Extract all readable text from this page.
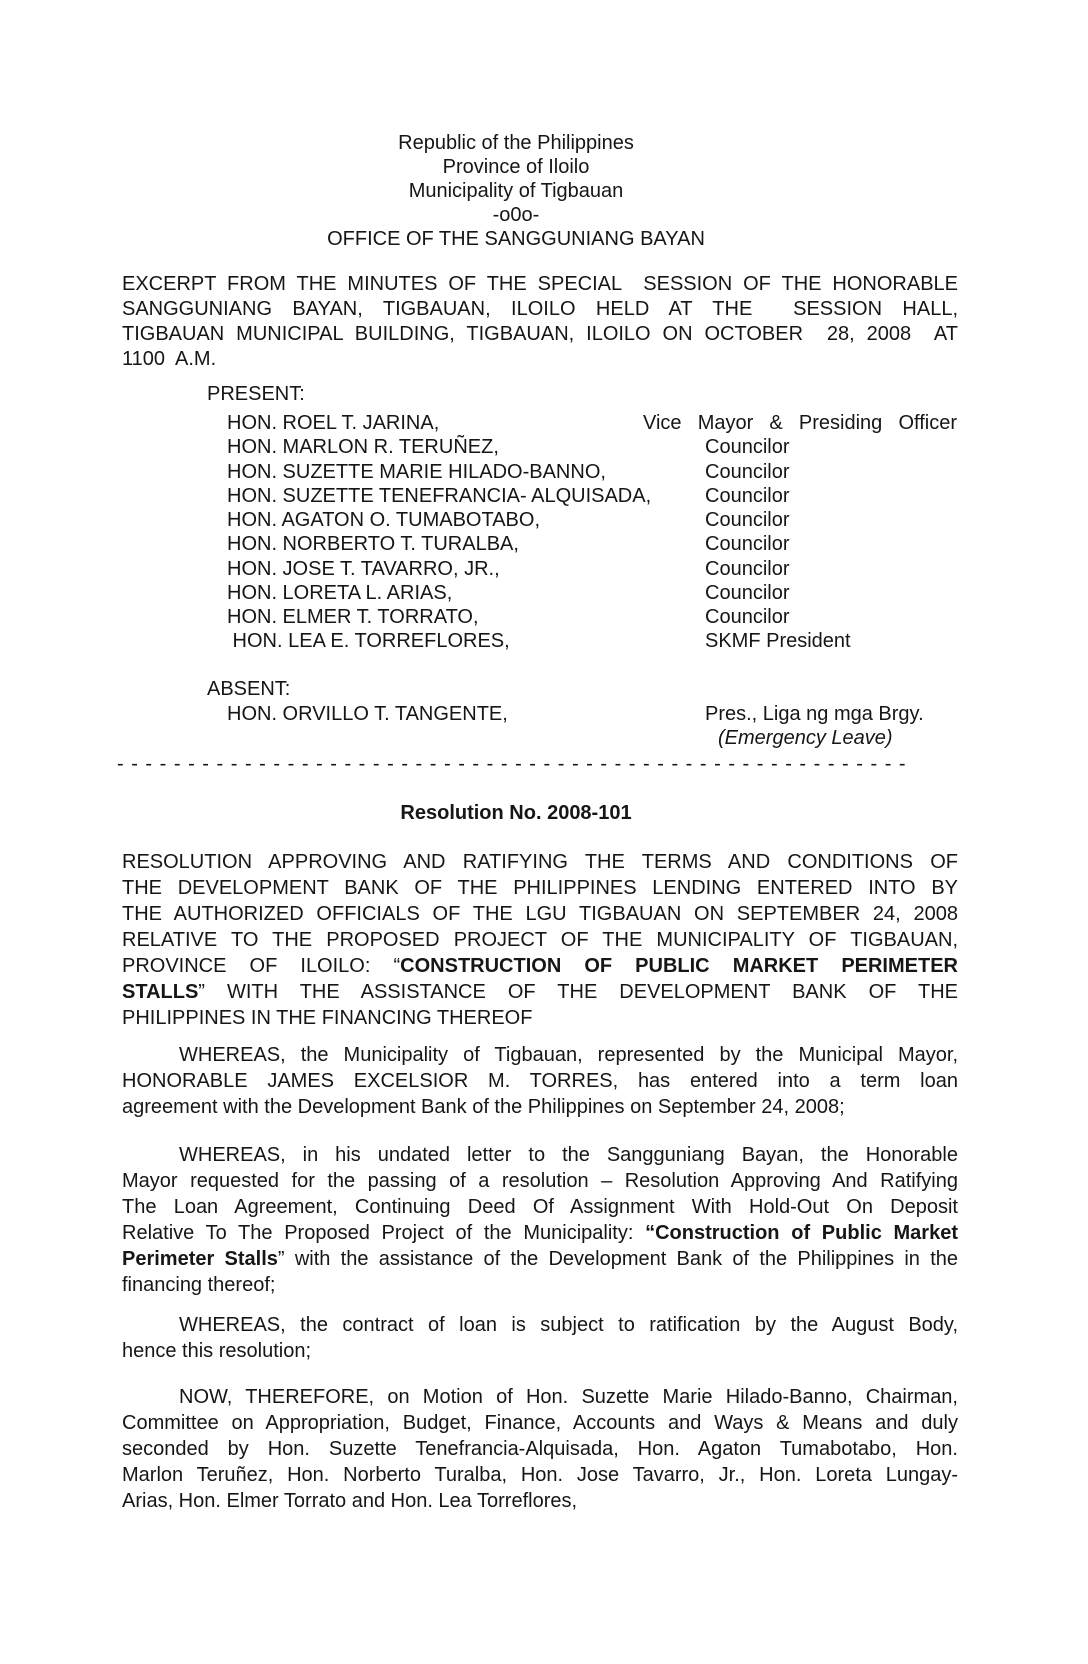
Republic of the Philippines
Province of Iloilo
Municipality of Tigbauan
-o0o-
OFFICE OF THE SANGGUNIANG BAYAN
EXCERPT FROM THE MINUTES OF THE SPECIAL  SESSION OF THE HONORABLE
SANGGUNIANG BAYAN, TIGBAUAN, ILOILO HELD AT THE  SESSION HALL,
TIGBAUAN MUNICIPAL BUILDING, TIGBAUAN, ILOILO ON OCTOBER  28, 2008  AT
1100  A.M.
PRESENT:
HON. ROEL T. JARINA,	Vice Mayor & Presiding Officer
HON. MARLON R. TERUÑEZ,	Councilor
HON. SUZETTE MARIE HILADO-BANNO,	Councilor
HON. SUZETTE TENEFRANCIA- ALQUISADA,	Councilor
HON. AGATON O. TUMABOTABO,	Councilor
HON. NORBERTO T. TURALBA,	Councilor
HON. JOSE T. TAVARRO, JR.,	Councilor
HON. LORETA L. ARIAS,	Councilor
HON. ELMER T. TORRATO,	Councilor
HON. LEA E. TORREFLORES,	SKMF President
ABSENT:
HON. ORVILLO T. TANGENTE,	Pres., Liga ng mga Brgy.
(Emergency Leave)
- - - - - - - - - - - - - - - - - - - - - - - - - - - - - - - - - - - - - - - - - - - - - - - - - - - - - - - -
Resolution No. 2008-101
RESOLUTION APPROVING AND RATIFYING THE TERMS AND CONDITIONS OF
THE DEVELOPMENT BANK OF THE PHILIPPINES LENDING ENTERED INTO BY
THE AUTHORIZED OFFICIALS OF THE LGU TIGBAUAN ON SEPTEMBER 24, 2008
RELATIVE TO THE PROPOSED PROJECT OF THE MUNICIPALITY OF TIGBAUAN,
PROVINCE OF ILOILO: “CONSTRUCTION OF PUBLIC MARKET PERIMETER
STALLS” WITH THE ASSISTANCE OF THE DEVELOPMENT BANK OF THE
PHILIPPINES IN THE FINANCING THEREOF
WHEREAS, the Municipality of Tigbauan, represented by the Municipal Mayor,
HONORABLE JAMES EXCELSIOR M. TORRES, has entered into a term loan
agreement with the Development Bank of the Philippines on September 24, 2008;
WHEREAS, in his undated letter to the Sangguniang Bayan, the Honorable
Mayor requested for the passing of a resolution – Resolution Approving And Ratifying
The Loan Agreement, Continuing Deed Of Assignment With Hold-Out On Deposit
Relative To The Proposed Project of the Municipality: “Construction of Public Market
Perimeter Stalls” with the assistance of the Development Bank of the Philippines in the
financing thereof;
WHEREAS, the contract of loan is subject to ratification by the August Body,
hence this resolution;
NOW, THEREFORE, on Motion of Hon. Suzette Marie Hilado-Banno, Chairman,
Committee on Appropriation, Budget, Finance, Accounts and Ways & Means and duly
seconded by Hon. Suzette Tenefrancia-Alquisada, Hon. Agaton Tumabotabo, Hon.
Marlon Teruñez, Hon. Norberto Turalba, Hon. Jose Tavarro, Jr., Hon. Loreta Lungay-
Arias, Hon. Elmer Torrato and Hon. Lea Torreflores,
